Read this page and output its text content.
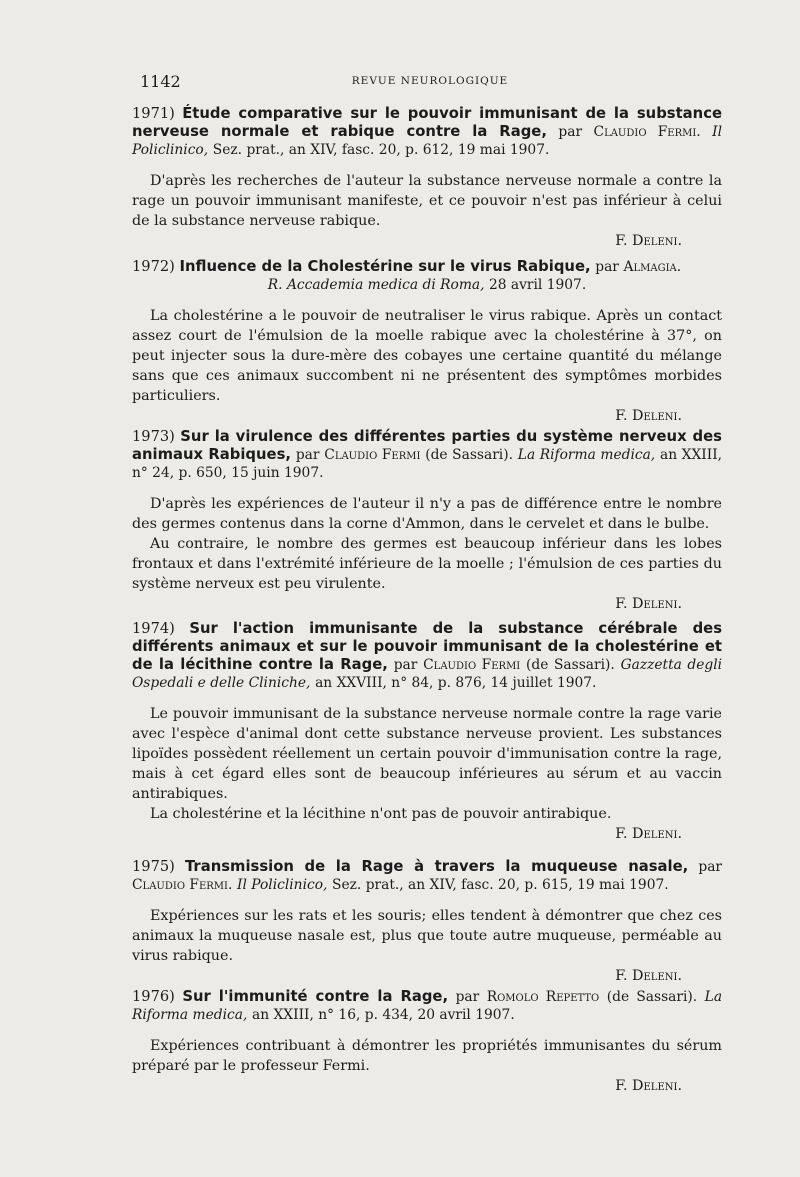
1142	REVUE NEUROLOGIQUE

1971) Étude comparative sur le pouvoir immunisant de la substance nerveuse normale et rabique contre la Rage, par Claudio Fermi. Il Policlinico, Sez. prat., an XIV, fasc. 20, p. 612, 19 mai 1907.

D'après les recherches de l'auteur la substance nerveuse normale a contre la rage un pouvoir immunisant manifeste, et ce pouvoir n'est pas inférieur à celui de la substance nerveuse rabique.

F. Deleni.

1972) Influence de la Cholestérine sur le virus Rabique, par Almagia.
R. Accademia medica di Roma, 28 avril 1907.

La cholestérine a le pouvoir de neutraliser le virus rabique. Après un contact assez court de l'émulsion de la moelle rabique avec la cholestérine à 37°, on peut injecter sous la dure-mère des cobayes une certaine quantité du mélange sans que ces animaux succombent ni ne présentent des symptômes morbides particuliers.

F. Deleni.

1973) Sur la virulence des différentes parties du système nerveux des animaux Rabiques, par Claudio Fermi (de Sassari). La Riforma medica, an XXIII, n° 24, p. 650, 15 juin 1907.

D'après les expériences de l'auteur il n'y a pas de différence entre le nombre des germes contenus dans la corne d'Ammon, dans le cervelet et dans le bulbe.

Au contraire, le nombre des germes est beaucoup inférieur dans les lobes frontaux et dans l'extrémité inférieure de la moelle ; l'émulsion de ces parties du système nerveux est peu virulente.

F. Deleni.

1974) Sur l'action immunisante de la substance cérébrale des différents animaux et sur le pouvoir immunisant de la cholestérine et de la lécithine contre la Rage, par Claudio Fermi (de Sassari). Gazzetta degli Ospedali e delle Cliniche, an XXVIII, n° 84, p. 876, 14 juillet 1907.

Le pouvoir immunisant de la substance nerveuse normale contre la rage varie avec l'espèce d'animal dont cette substance nerveuse provient. Les substances lipoïdes possèdent réellement un certain pouvoir d'immunisation contre la rage, mais à cet égard elles sont de beaucoup inférieures au sérum et au vaccin antirabiques.

La cholestérine et la lécithine n'ont pas de pouvoir antirabique.

F. Deleni.

1975) Transmission de la Rage à travers la muqueuse nasale, par Claudio Fermi. Il Policlinico, Sez. prat., an XIV, fasc. 20, p. 615, 19 mai 1907.

Expériences sur les rats et les souris; elles tendent à démontrer que chez ces animaux la muqueuse nasale est, plus que toute autre muqueuse, perméable au virus rabique.

F. Deleni.

1976) Sur l'immunité contre la Rage, par Romolo Repetto (de Sassari). La Riforma medica, an XXIII, n° 16, p. 434, 20 avril 1907.

Expériences contribuant à démontrer les propriétés immunisantes du sérum préparé par le professeur Fermi.

F. Deleni.
